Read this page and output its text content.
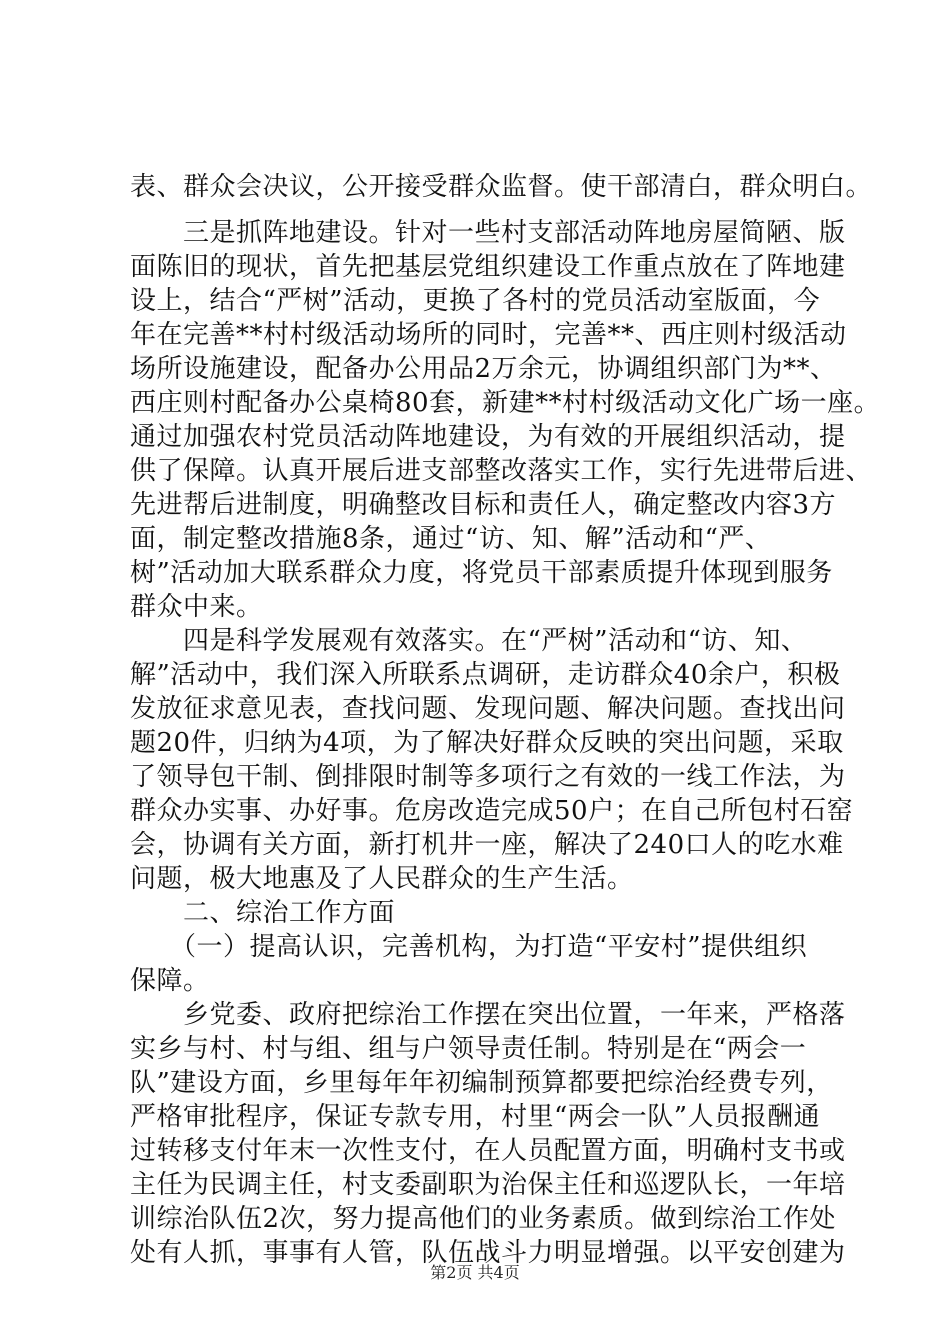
表、群众会决议，公开接受群众监督。使干部清白，群众明白。
　　三是抓阵地建设。针对一些村支部活动阵地房屋简陋、版
面陈旧的现状，首先把基层党组织建设工作重点放在了阵地建
设上，结合“严树”活动，更换了各村的党员活动室版面，今
年在完善**村村级活动场所的同时，完善**、西庄则村级活动
场所设施建设，配备办公用品2万余元，协调组织部门为**、
西庄则村配备办公桌椅80套，新建**村村级活动文化广场一座。
通过加强农村党员活动阵地建设，为有效的开展组织活动，提
供了保障。认真开展后进支部整改落实工作，实行先进带后进、
先进帮后进制度，明确整改目标和责任人，确定整改内容3方
面，制定整改措施8条，通过“访、知、解”活动和“严、
树”活动加大联系群众力度，将党员干部素质提升体现到服务
群众中来。
　　四是科学发展观有效落实。在“严树”活动和“访、知、
解”活动中，我们深入所联系点调研，走访群众40余户，积极
发放征求意见表，查找问题、发现问题、解决问题。查找出问
题20件，归纳为4项，为了解决好群众反映的突出问题，采取
了领导包干制、倒排限时制等多项行之有效的一线工作法，为
群众办实事、办好事。危房改造完成50户；在自己所包村石窑
会，协调有关方面，新打机井一座，解决了240口人的吃水难
问题，极大地惠及了人民群众的生产生活。
　　二、综治工作方面
　　（一）提高认识，完善机构，为打造“平安村”提供组织
保障。
　　乡党委、政府把综治工作摆在突出位置，一年来，严格落
实乡与村、村与组、组与户领导责任制。特别是在“两会一
队”建设方面，乡里每年年初编制预算都要把综治经费专列，
严格审批程序，保证专款专用，村里“两会一队”人员报酬通
过转移支付年末一次性支付，在人员配置方面，明确村支书或
主任为民调主任，村支委副职为治保主任和巡逻队长，一年培
训综治队伍2次，努力提高他们的业务素质。做到综治工作处
处有人抓，事事有人管，队伍战斗力明显增强。以平安创建为
第2页 共4页
